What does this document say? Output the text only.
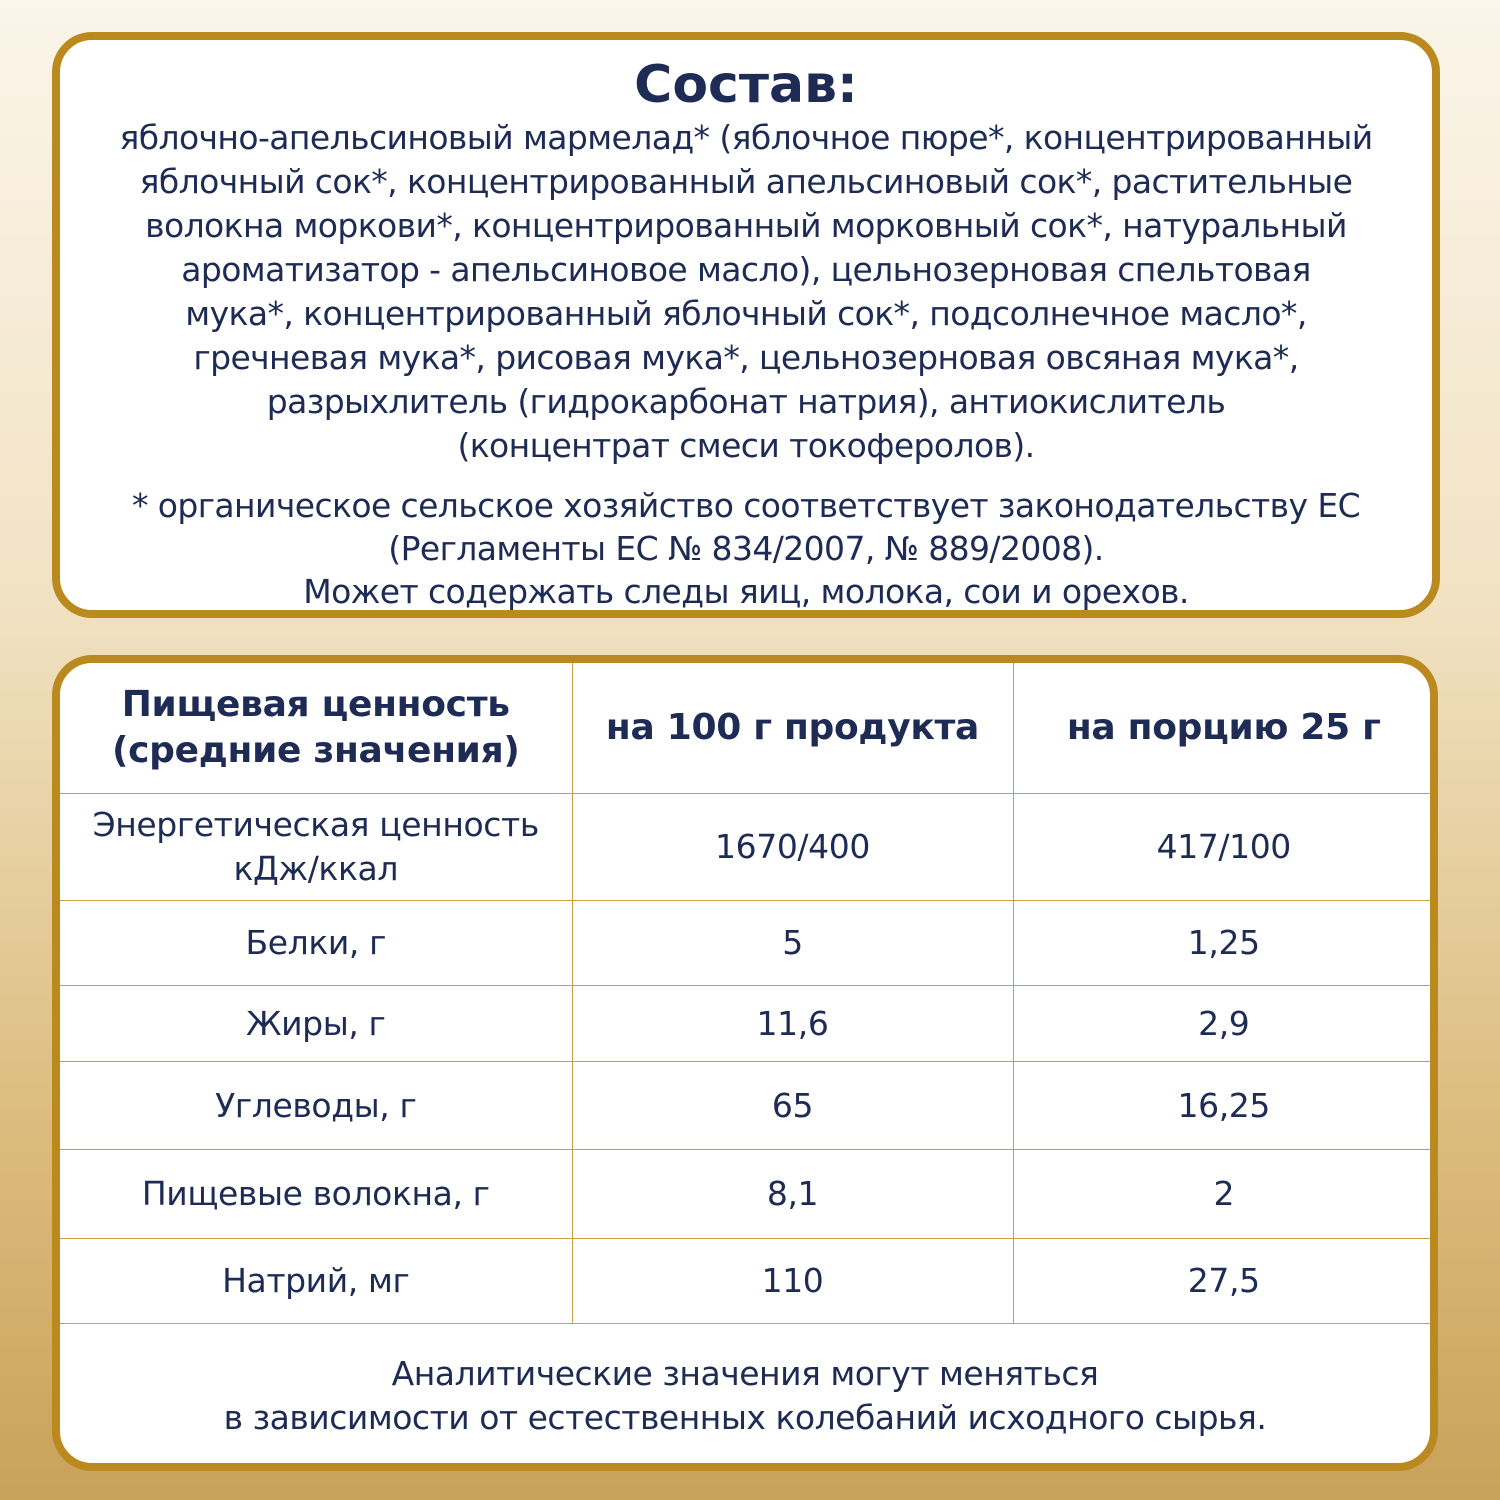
Состав:
яблочно-апельсиновый мармелад* (яблочное пюре*, концентрированный
яблочный сок*, концентрированный апельсиновый сок*, растительные
волокна моркови*, концентрированный морковный сок*, натуральный
ароматизатор - апельсиновое масло), цельнозерновая спельтовая
мука*, концентрированный яблочный сок*, подсолнечное масло*,
гречневая мука*, рисовая мука*, цельнозерновая овсяная мука*,
разрыхлитель (гидрокарбонат натрия), антиокислитель
(концентрат смеси токоферолов).
* органическое сельское хозяйство соответствует законодательству ЕС
(Регламенты ЕС № 834/2007, № 889/2008).
Может содержать следы яиц, молока, сои и орехов.
Пищевая ценность
(средние значения)	на 100 г продукта	на порцию 25 г

Энергетическая ценность
кДж/ккал	1670/400	417/100
Белки, г	5	1,25
Жиры, г	11,6	2,9
Углеводы, г	65	16,25
Пищевые волокна, г	8,1	2
Натрий, мг	110	27,5
Аналитические значения могут меняться
в зависимости от естественных колебаний исходного сырья.
